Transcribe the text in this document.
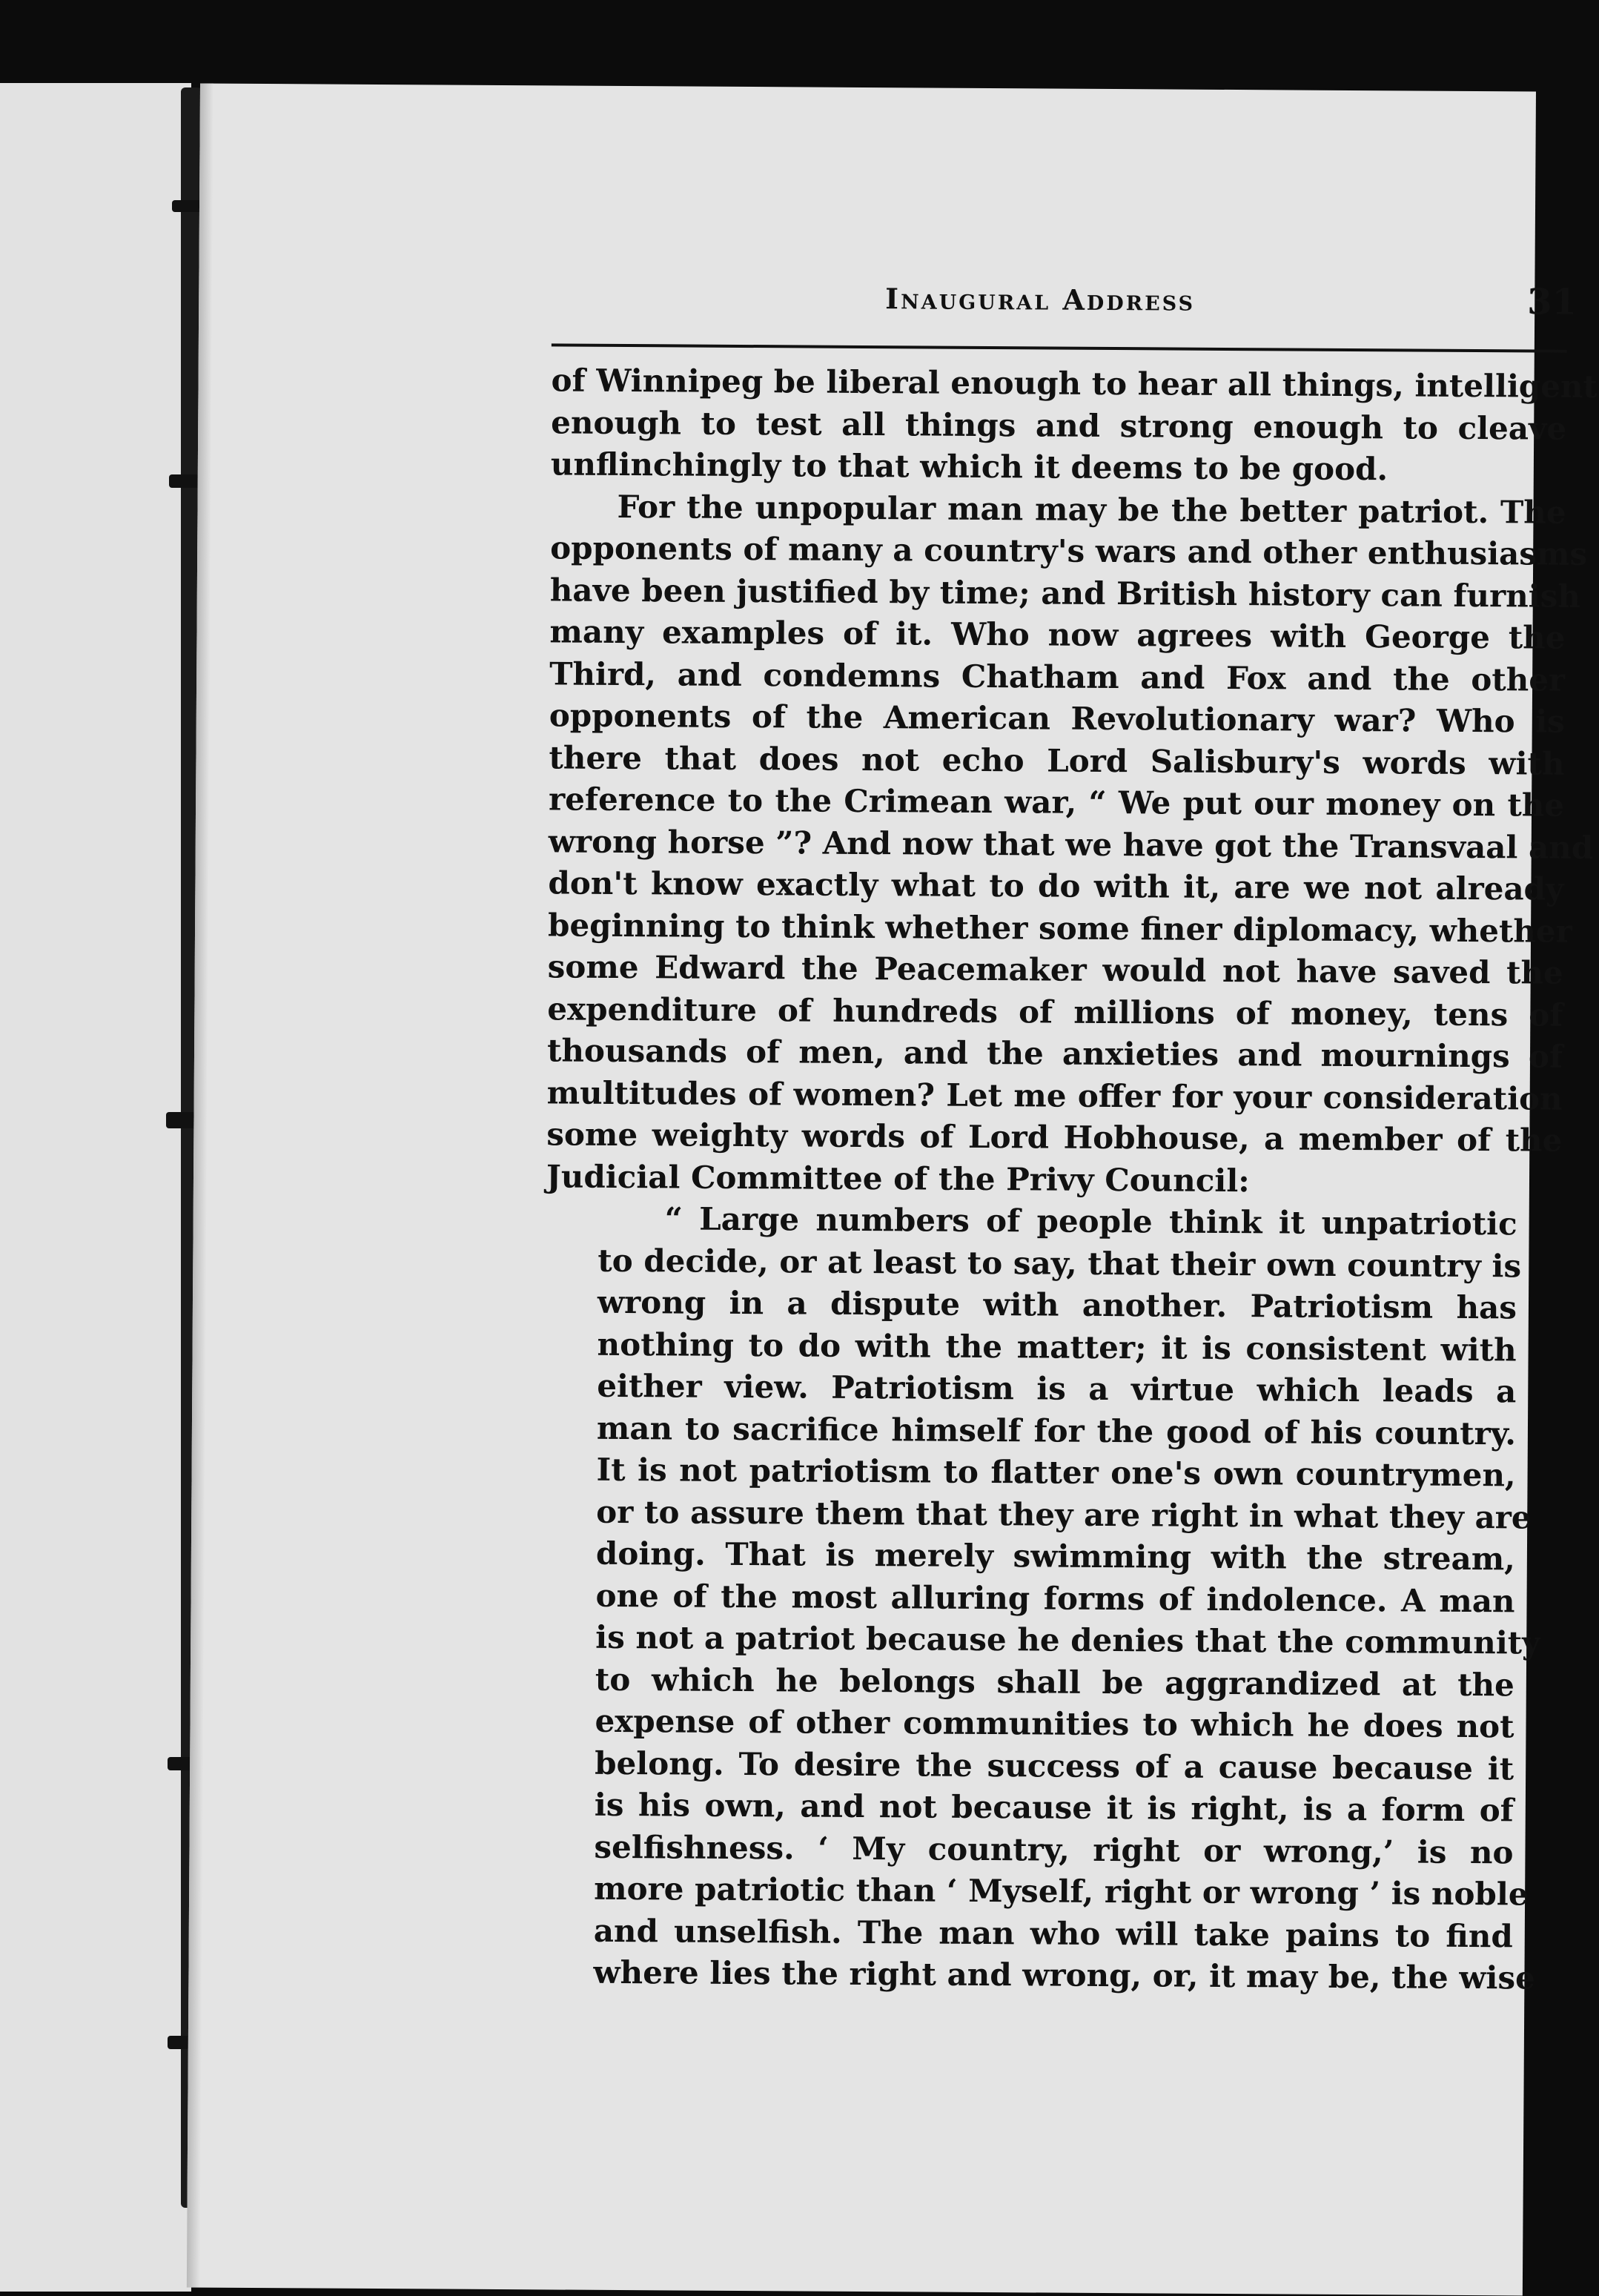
Inaugural Address	31
of Winnipeg be liberal enough to hear all things, intelligent
enough to test all things and strong enough to cleave
unflinchingly to that which it deems to be good.
For the unpopular man may be the better patriot. The
opponents of many a country's wars and other enthusiasms
have been justified by time; and British history can furnish
many examples of it. Who now agrees with George the
Third, and condemns Chatham and Fox and the other
opponents of the American Revolutionary war? Who is
there that does not echo Lord Salisbury's words with
reference to the Crimean war, “ We put our money on the
wrong horse ”? And now that we have got the Transvaal and
don't know exactly what to do with it, are we not already
beginning to think whether some finer diplomacy, whether
some Edward the Peacemaker would not have saved the
expenditure of hundreds of millions of money, tens of
thousands of men, and the anxieties and mournings of
multitudes of women? Let me offer for your consideration
some weighty words of Lord Hobhouse, a member of the
Judicial Committee of the Privy Council:
“ Large numbers of people think it unpatriotic
to decide, or at least to say, that their own country is
wrong in a dispute with another. Patriotism has
nothing to do with the matter; it is consistent with
either view. Patriotism is a virtue which leads a
man to sacrifice himself for the good of his country.
It is not patriotism to flatter one's own countrymen,
or to assure them that they are right in what they are
doing. That is merely swimming with the stream,
one of the most alluring forms of indolence. A man
is not a patriot because he denies that the community
to which he belongs shall be aggrandized at the
expense of other communities to which he does not
belong. To desire the success of a cause because it
is his own, and not because it is right, is a form of
selfishness. ‘ My country, right or wrong,’ is no
more patriotic than ‘ Myself, right or wrong ’ is noble
and unselfish. The man who will take pains to find
where lies the right and wrong, or, it may be, the wise
